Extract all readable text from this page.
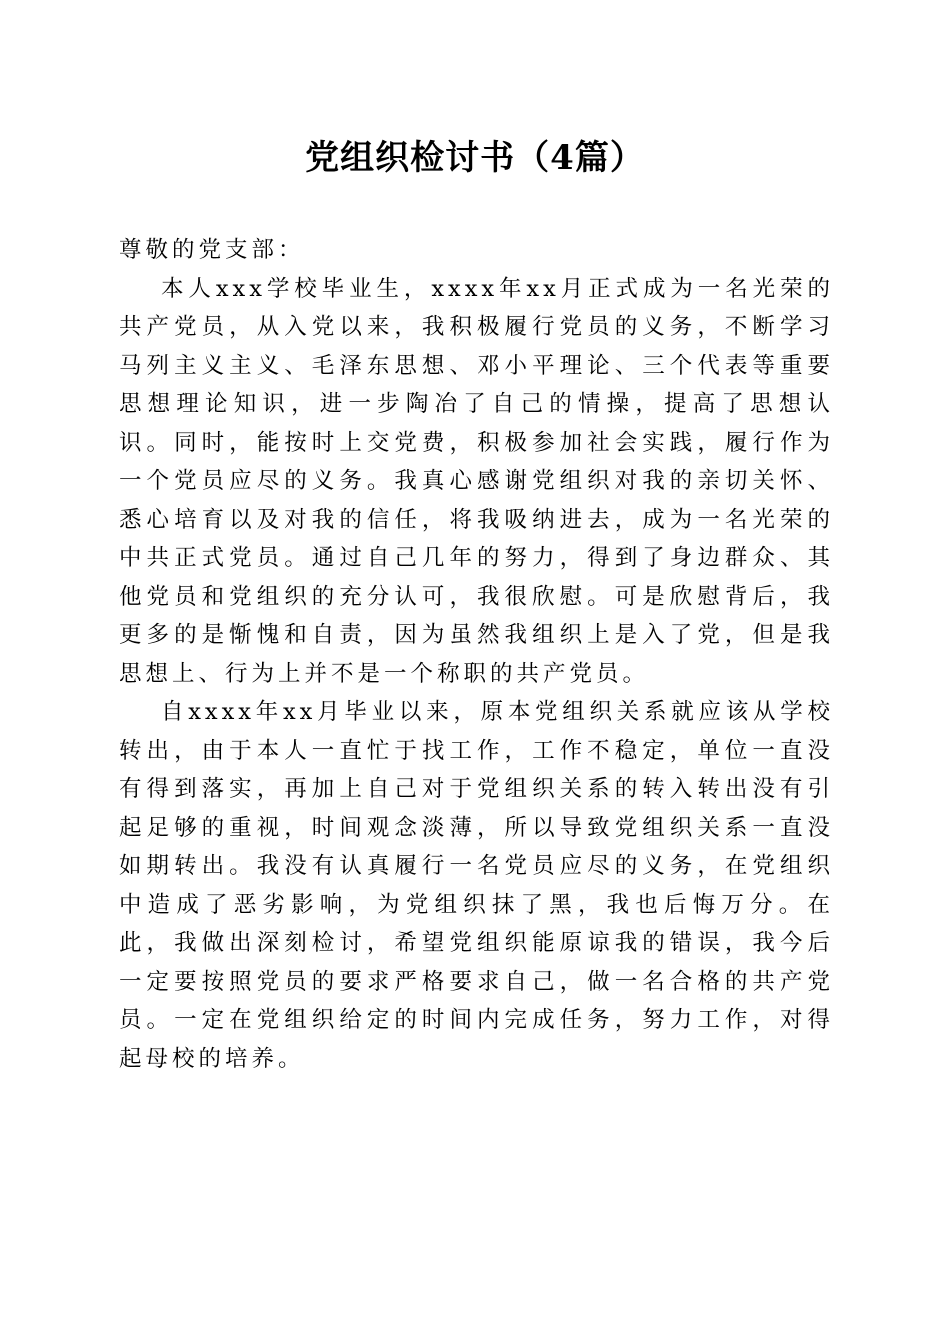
党组织检讨书（4篇）

尊敬的党支部：

本人xxx学校毕业生，xxxx年xx月正式成为一名光荣的共产党员，从入党以来，我积极履行党员的义务，不断学习马列主义主义、毛泽东思想、邓小平理论、三个代表等重要思想理论知识，进一步陶冶了自己的情操，提高了思想认识。同时，能按时上交党费，积极参加社会实践，履行作为一个党员应尽的义务。我真心感谢党组织对我的亲切关怀、悉心培育以及对我的信任，将我吸纳进去，成为一名光荣的中共正式党员。通过自己几年的努力，得到了身边群众、其他党员和党组织的充分认可，我很欣慰。可是欣慰背后，我更多的是惭愧和自责，因为虽然我组织上是入了党，但是我思想上、行为上并不是一个称职的共产党员。

自xxxx年xx月毕业以来，原本党组织关系就应该从学校转出，由于本人一直忙于找工作，工作不稳定，单位一直没有得到落实，再加上自己对于党组织关系的转入转出没有引起足够的重视，时间观念淡薄，所以导致党组织关系一直没如期转出。我没有认真履行一名党员应尽的义务，在党组织中造成了恶劣影响，为党组织抹了黑，我也后悔万分。在此，我做出深刻检讨，希望党组织能原谅我的错误，我今后一定要按照党员的要求严格要求自己，做一名合格的共产党员。一定在党组织给定的时间内完成任务，努力工作，对得起母校的培养。
